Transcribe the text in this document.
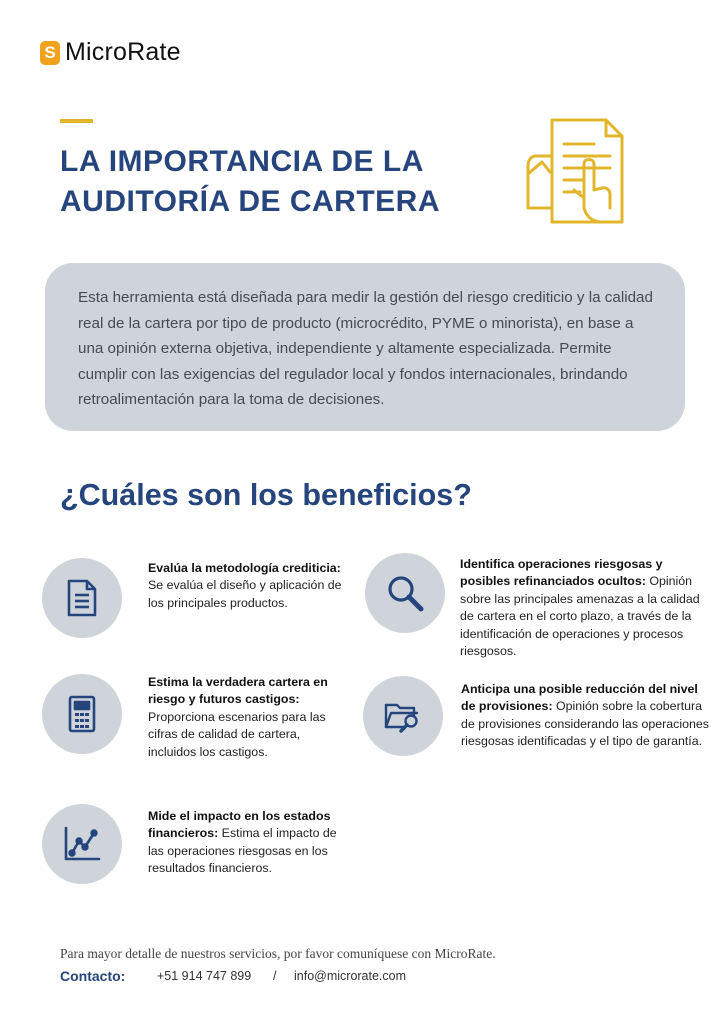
S MicroRate
LA IMPORTANCIA DE LA
AUDITORÍA DE CARTERA
Esta herramienta está diseñada para medir la gestión del riesgo crediticio y la calidad real de la cartera por tipo de producto (microcrédito, PYME o minorista), en base a una opinión externa objetiva, independiente y altamente especializada. Permite cumplir con las exigencias del regulador local y fondos internacionales, brindando retroalimentación para la toma de decisiones.
¿Cuáles son los beneficios?

Evalúa la metodología crediticia: Se evalúa el diseño y aplicación de los principales productos.

Identifica operaciones riesgosas y posibles refinanciados ocultos: Opinión sobre las principales amenazas a la calidad de cartera en el corto plazo, a través de la identificación de operaciones y procesos riesgosos.

Estima la verdadera cartera en riesgo y futuros castigos: Proporciona escenarios para las cifras de calidad de cartera, incluidos los castigos.

Anticipa una posible reducción del nivel de provisiones: Opinión sobre la cobertura de provisiones considerando las operaciones riesgosas identificadas y el tipo de garantía.

Mide el impacto en los estados financieros: Estima el impacto de las operaciones riesgosas en los resultados financieros.

Para mayor detalle de nuestros servicios, por favor comuníquese con MicroRate.

Contacto:	+51 914 747 899 / info@microrate.com
